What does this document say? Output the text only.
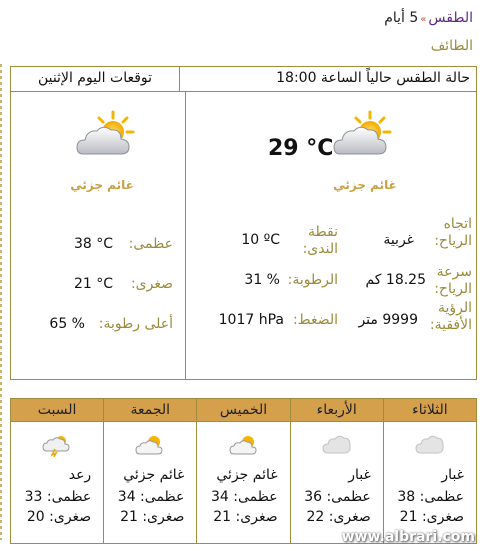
الطقس»5 أيام
الطائف
حالة الطقس حالياً الساعة 18:00
توقعات اليوم الإثنين
29 °C
غائم جزئي
اتجاه الرياح:
غربية
نقطة الندى:
10 ºC
سرعة الرياح:
18.25 كم
الرطوبة:
31 %
الرؤية الأفقية:
9999 متر
الضغط:
1017 hPa
غائم جزئي
عظمى:
38 °C
صغرى:
21 °C
أعلى رطوبة:
65 %
الثلاثاء
غبار
عظمى: 38
صغرى: 21
الأربعاء
غبار
عظمى: 36
صغرى: 22
الخميس
غائم جزئي
عظمى: 34
صغرى: 21
الجمعة
غائم جزئي
عظمى: 34
صغرى: 21
السبت
رعد
عظمى: 33
صغرى: 20
www.albrari.com
